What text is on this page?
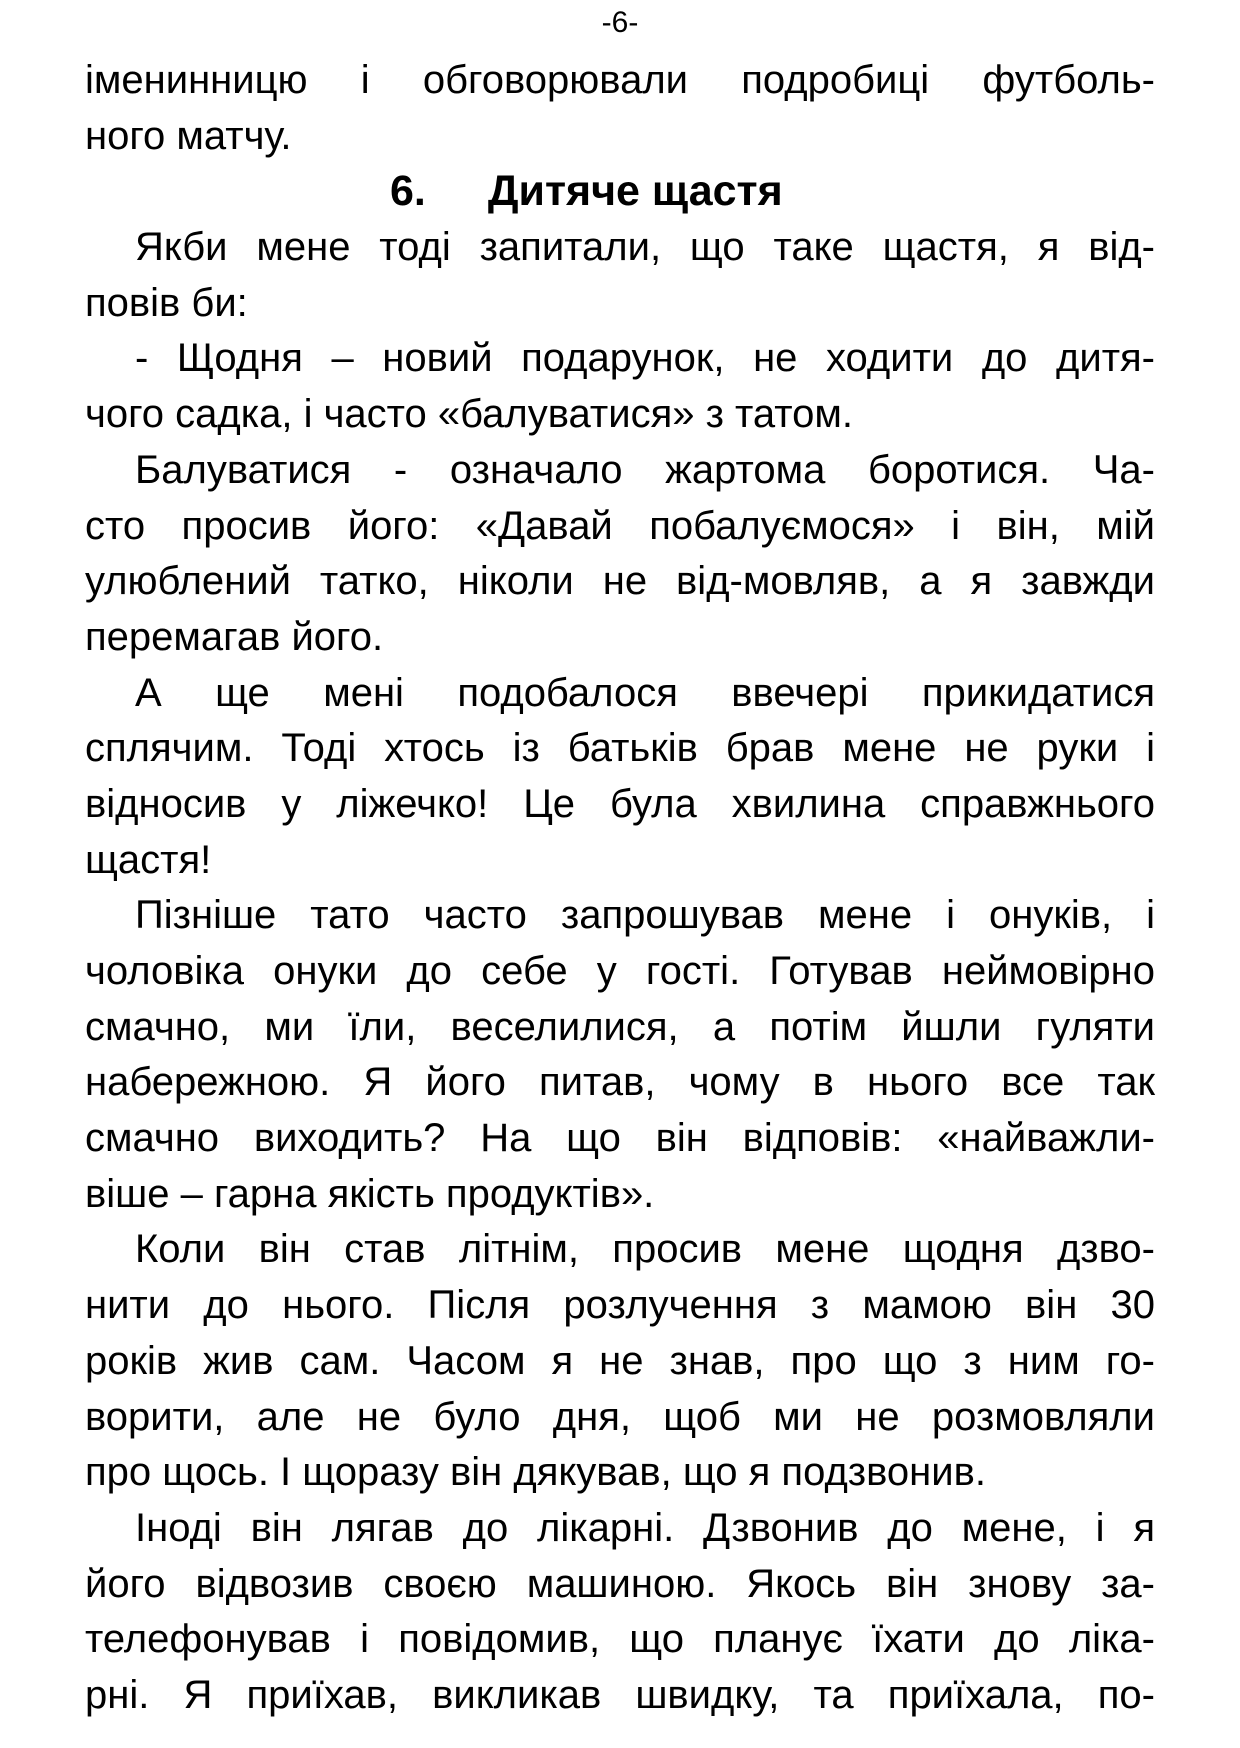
-6-
іменинницю і обговорювали подробиці футболь-
ного матчу.
6. Дитяче щастя
Якби мене тоді запитали, що таке щастя, я від-
повів би:
- Щодня – новий подарунок, не ходити до дитя-
чого садка, і часто «балуватися» з татом.
Балуватися - означало жартома боротися. Ча-
сто просив його: «Давай побалуємося» і він, мій
улюблений татко, ніколи не від-мовляв, а я завжди
перемагав його.
А ще мені подобалося ввечері прикидатися
сплячим. Тоді хтось із батьків брав мене не руки і
відносив у ліжечко! Це була хвилина справжнього
щастя!
Пізніше тато часто запрошував мене і онуків, і
чоловіка онуки до себе у гості. Готував неймовірно
смачно, ми їли, веселилися, а потім йшли гуляти
набережною. Я його питав, чому в нього все так
смачно виходить? На що він відповів: «найважли-
віше – гарна якість продуктів».
Коли він став літнім, просив мене щодня дзво-
нити до нього. Після розлучення з мамою він 30
років жив сам. Часом я не знав, про що з ним го-
ворити, але не було дня, щоб ми не розмовляли
про щось. І щоразу він дякував, що я подзвонив.
Іноді він лягав до лікарні. Дзвонив до мене, і я
його відвозив своєю машиною. Якось він знову за-
телефонував і повідомив, що планує їхати до ліка-
рні. Я приїхав, викликав швидку, та приїхала, по-
